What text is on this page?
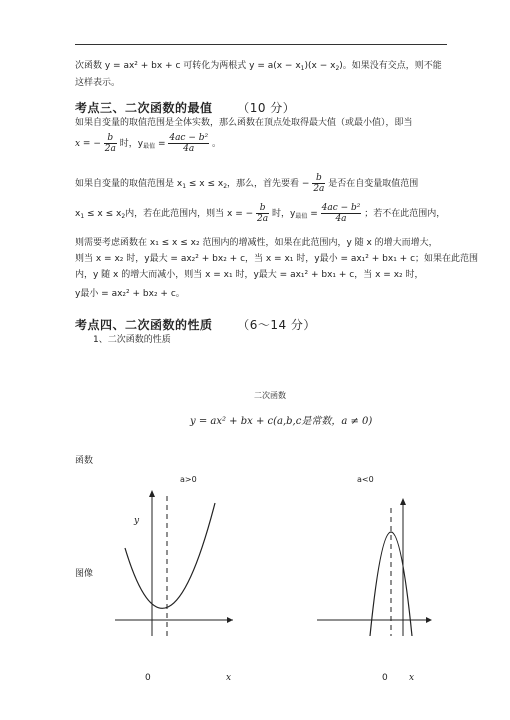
次函数 y = ax² + bx + c 可转化为两根式 $y = a(x - x_1)(x - x_2)$。如果没有交点，则不能
这样表示。
考点三、二次函数的最值 （10 分）
如果自变量的取值范围是全体实数，那么函数在顶点处取得最大值（或最小值），即当
x = − $\frac{b}{2a}$ 时，$y_{最值} = \frac{\text{4ac − b²}}{4a}$ 。
如果自变量的取值范围是 $x_1 \le x \le x_2$，那么，首先要看 − $\frac{b}{2a}$ 是否在自变量取值范围
$x_1 \le x \le x_2$内，若在此范围内，则当 x = − $\frac{b}{2a}$ 时，$y_{最值} = \frac{\text{4ac − b²}}{4a}$ ；若不在此范围内，
则需要考虑函数在 x₁ ≤ x ≤ x₂ 范围内的增减性，如果在此范围内，y 随 x 的增大而增大，
则当 x = x₂ 时，y最大 = ax₂² + bx₂ + c，当 x = x₁ 时，y最小 = ax₁² + bx₁ + c；如果在此范围
内，y 随 x 的增大而减小，则当 x = x₁ 时，y最大 = ax₁² + bx₁ + c，当 x = x₂ 时，
y最小 = ax₂² + bx₂ + c。
考点四、二次函数的性质 （6～14 分）
1、二次函数的性质
二次函数
y = ax² + bx + c(a,b,c是常数，a ≠ 0)
函数
a>0	a<0
图像
y
0	x	0 x
